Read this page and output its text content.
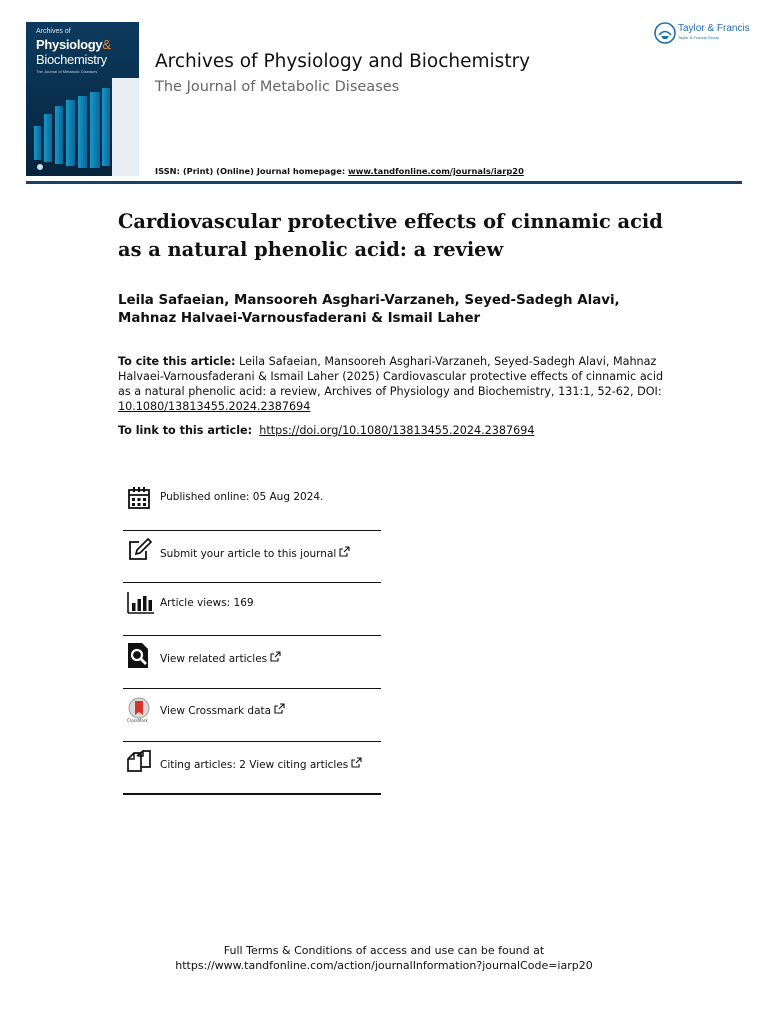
Archives of
Physiology&
Biochemistry
The Journal of Metabolic Diseases
Taylor & Francis
Taylor & Francis Group
Archives of Physiology and Biochemistry
The Journal of Metabolic Diseases
ISSN: (Print) (Online) Journal homepage: www.tandfonline.com/journals/iarp20
Cardiovascular protective effects of cinnamic acid as a natural phenolic acid: a review
Leila Safaeian, Mansooreh Asghari-Varzaneh, Seyed-Sadegh Alavi, Mahnaz Halvaei-Varnousfaderani & Ismail Laher
To cite this article: Leila Safaeian, Mansooreh Asghari-Varzaneh, Seyed-Sadegh Alavi, Mahnaz Halvaei-Varnousfaderani & Ismail Laher (2025) Cardiovascular protective effects of cinnamic acid as a natural phenolic acid: a review, Archives of Physiology and Biochemistry, 131:1, 52-62, DOI: 10.1080/13813455.2024.2387694
To link to this article: https://doi.org/10.1080/13813455.2024.2387694
Published online: 05 Aug 2024.
Submit your article to this journal
Article views: 169
View related articles
CrossMark
View Crossmark data
Citing articles: 2 View citing articles
Full Terms & Conditions of access and use can be found at
https://www.tandfonline.com/action/journalInformation?journalCode=iarp20
